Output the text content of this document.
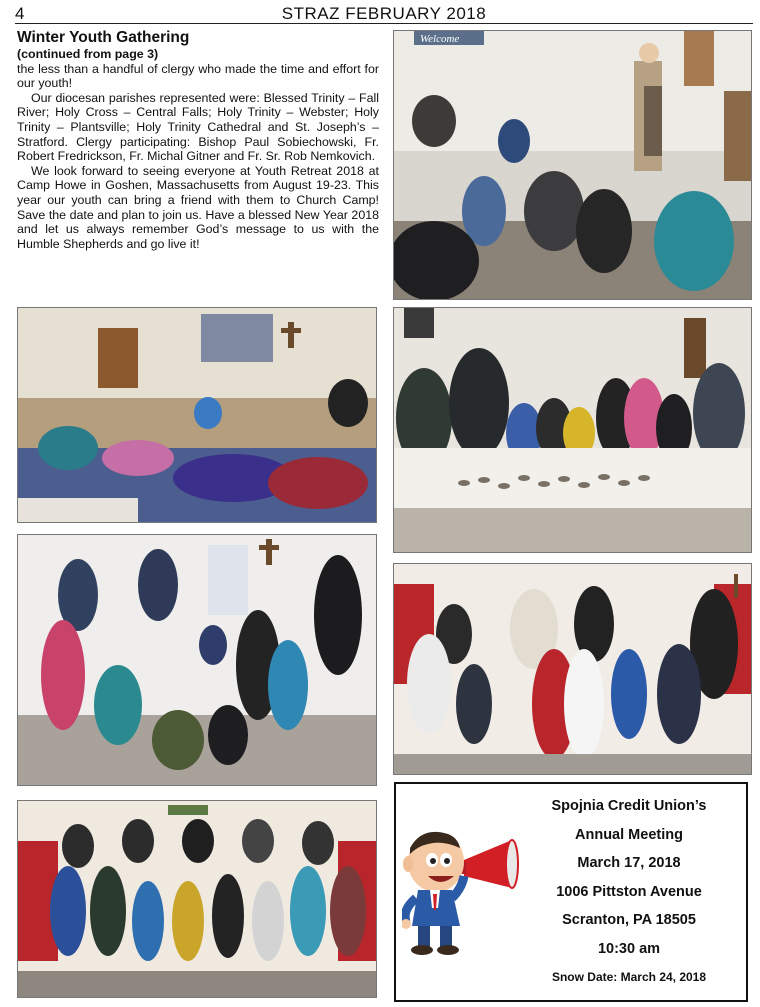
4	STRAZ FEBRUARY 2018
Winter Youth Gathering
(continued from page 3)

the less than a handful of clergy who made the time and effort for our youth!

Our diocesan parishes represented were: Blessed Trinity – Fall River; Holy Cross – Central Falls; Holy Trinity – Webster; Holy Trinity – Plantsville; Holy Trinity Cathedral and St. Joseph’s – Stratford. Clergy participating: Bishop Paul Sobiechowski, Fr. Robert Fredrickson, Fr. Michal Gitner and Fr. Sr. Rob Nemkovich.

We look forward to seeing everyone at Youth Retreat 2018 at Camp Howe in Goshen, Massachusetts from August 19-23. This year our youth can bring a friend with them to Church Camp! Save the date and plan to join us. Have a blessed New Year 2018 and let us always remember God’s message to us with the Humble Shepherds and go live it!

Welcome
Spojnia Credit Union’s
Annual Meeting
March 17, 2018
1006 Pittston Avenue
Scranton, PA 18505
10:30 am
Snow Date: March 24, 2018
